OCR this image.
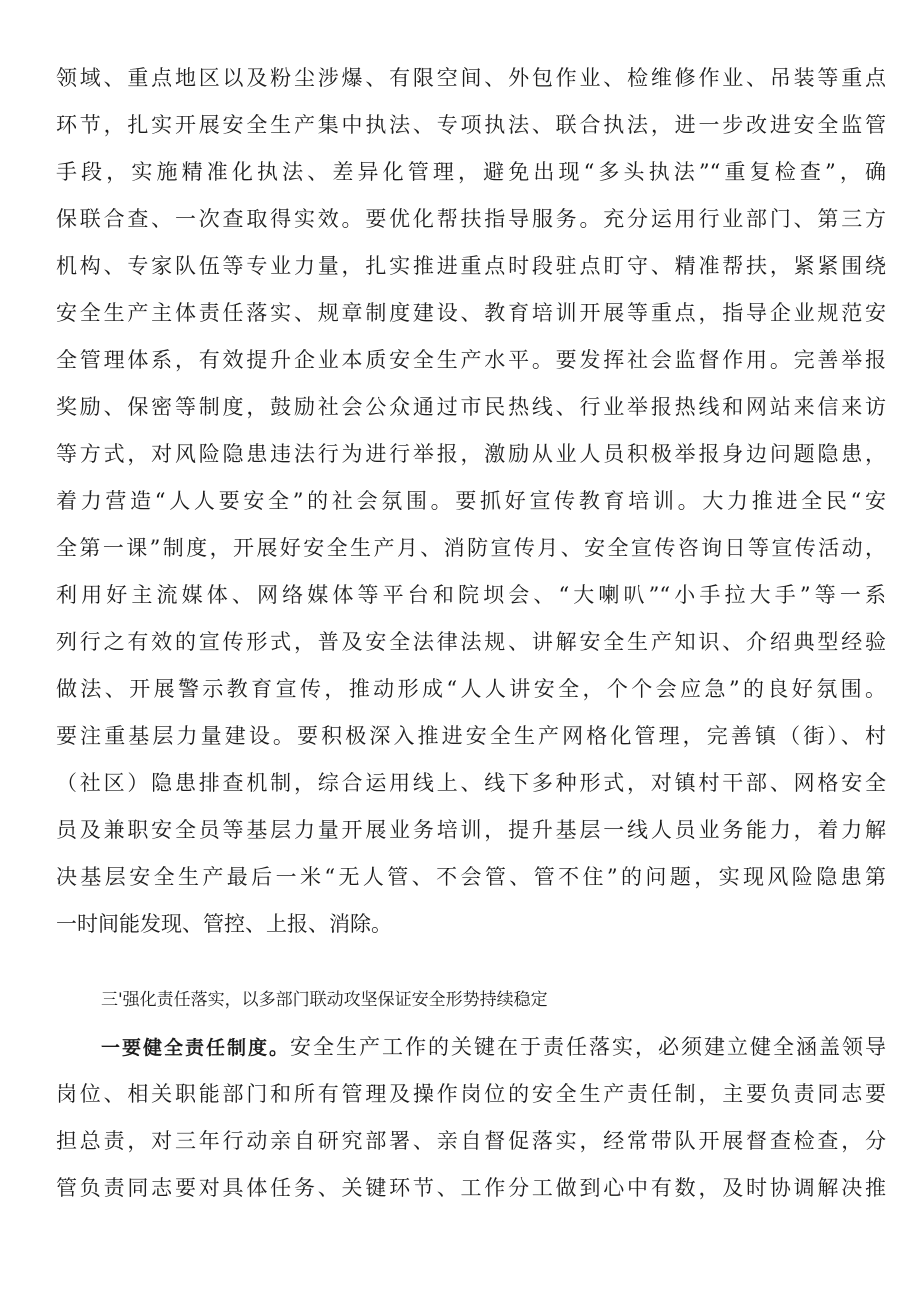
领域、重点地区以及粉尘涉爆、有限空间、外包作业、检维修作业、吊装等重点
环节，扎实开展安全生产集中执法、专项执法、联合执法，进一步改进安全监管
手段，实施精准化执法、差异化管理，避免出现“多头执法”“重复检查”，确
保联合查、一次查取得实效。要优化帮扶指导服务。充分运用行业部门、第三方
机构、专家队伍等专业力量，扎实推进重点时段驻点盯守、精准帮扶，紧紧围绕
安全生产主体责任落实、规章制度建设、教育培训开展等重点，指导企业规范安
全管理体系，有效提升企业本质安全生产水平。要发挥社会监督作用。完善举报
奖励、保密等制度，鼓励社会公众通过市民热线、行业举报热线和网站来信来访
等方式，对风险隐患违法行为进行举报，激励从业人员积极举报身边问题隐患，
着力营造“人人要安全”的社会氛围。要抓好宣传教育培训。大力推进全民“安
全第一课”制度，开展好安全生产月、消防宣传月、安全宣传咨询日等宣传活动，
利用好主流媒体、网络媒体等平台和院坝会、“大喇叭”“小手拉大手”等一系
列行之有效的宣传形式，普及安全法律法规、讲解安全生产知识、介绍典型经验
做法、开展警示教育宣传，推动形成“人人讲安全，个个会应急”的良好氛围。
要注重基层力量建设。要积极深入推进安全生产网格化管理，完善镇（街）、村
（社区）隐患排查机制，综合运用线上、线下多种形式，对镇村干部、网格安全
员及兼职安全员等基层力量开展业务培训，提升基层一线人员业务能力，着力解
决基层安全生产最后一米“无人管、不会管、管不住”的问题，实现风险隐患第
一时间能发现、管控、上报、消除。
三'强化责任落实，以多部门联动攻坚保证安全形势持续稳定
一要健全责任制度。安全生产工作的关键在于责任落实，必须建立健全涵盖领导
岗位、相关职能部门和所有管理及操作岗位的安全生产责任制，主要负责同志要
担总责，对三年行动亲自研究部署、亲自督促落实，经常带队开展督查检查，分
管负责同志要对具体任务、关键环节、工作分工做到心中有数，及时协调解决推
